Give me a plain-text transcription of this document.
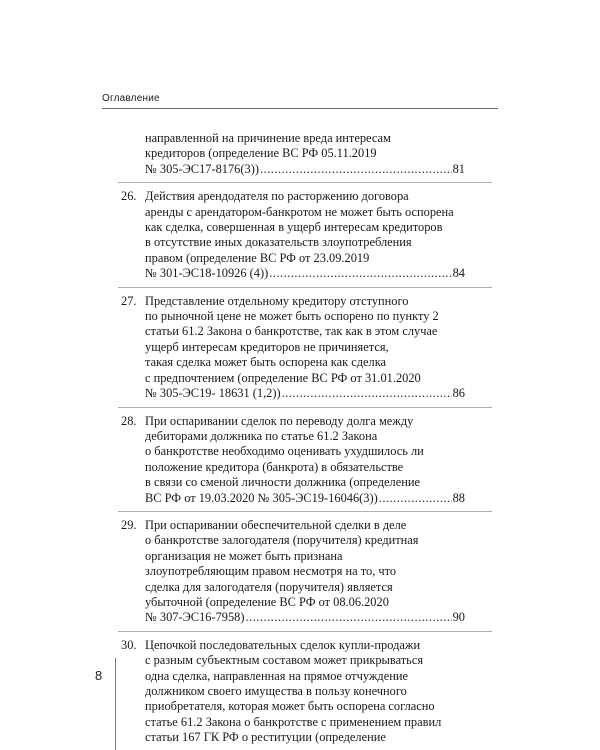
Оглавление
направленной на причинение вреда интересам
кредиторов (определение ВС РФ 05.11.2019
№ 305-ЭС17-8176(3)) . . .	81
26. Действия арендодателя по расторжению договора
аренды с арендатором-банкротом не может быть оспорена
как сделка, совершенная в ущерб интересам кредиторов
в отсутствие иных доказательств злоупотребления
правом (определение ВС РФ от 23.09.2019
№ 301-ЭС18-10926 (4)) . . .	84
27. Представление отдельному кредитору отступного
по рыночной цене не может быть оспорено по пункту 2
статьи 61.2 Закона о банкротстве, так как в этом случае
ущерб интересам кредиторов не причиняется,
такая сделка может быть оспорена как сделка
с предпочтением (определение ВС РФ от 31.01.2020
№ 305-ЭС19- 18631 (1,2)) . . .	86
28. При оспаривании сделок по переводу долга между
дебиторами должника по статье 61.2 Закона
о банкротстве необходимо оценивать ухудшилось ли
положение кредитора (банкрота) в обязательстве
в связи со сменой личности должника (определение
ВС РФ от 19.03.2020 № 305-ЭС19-16046(3)) . . .	88
29. При оспаривании обеспечительной сделки в деле
о банкротстве залогодателя (поручителя) кредитная
организация не может быть признана
злоупотребляющим правом несмотря на то, что
сделка для залогодателя (поручителя) является
убыточной (определение ВС РФ от 08.06.2020
№ 307-ЭС16-7958) . . .	90
30. Цепочкой последовательных сделок купли-продажи
с разным субъектным составом может прикрываться
одна сделка, направленная на прямое отчуждение
должником своего имущества в пользу конечного
приобретателя, которая может быть оспорена согласно
статье 61.2 Закона о банкротстве с применением правил
статьи 167 ГК РФ о реституции (определение
8
